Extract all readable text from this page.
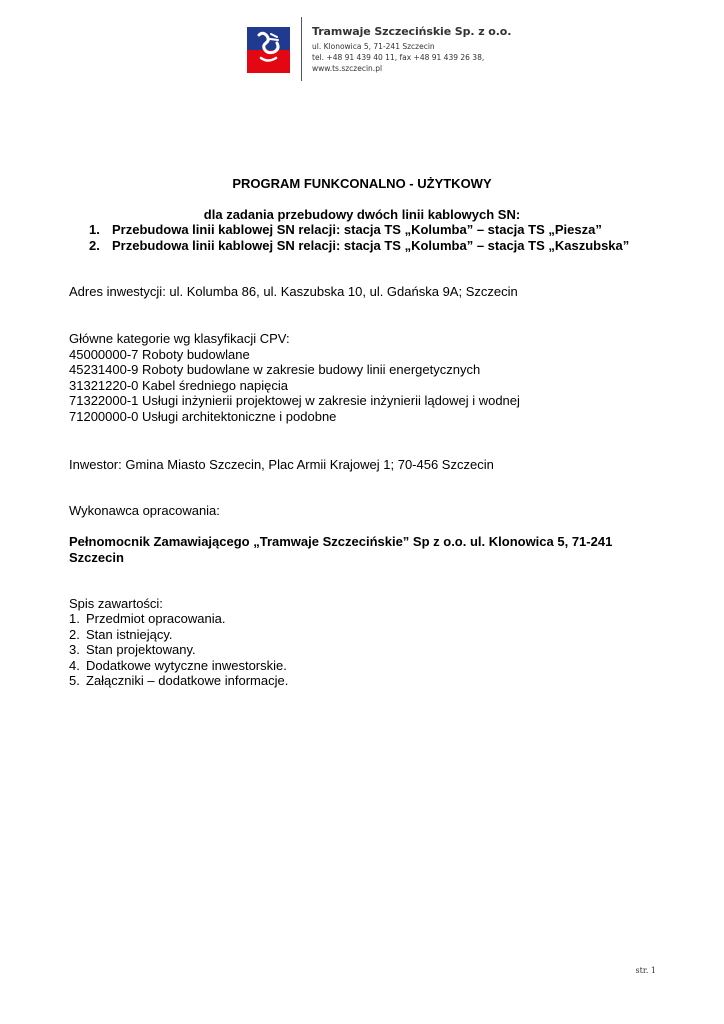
Tramwaje Szczecińskie Sp. z o.o.
ul. Klonowica 5, 71-241 Szczecin
tel. +48 91 439 40 11, fax +48 91 439 26 38,
www.ts.szczecin.pl
PROGRAM FUNKCONALNO - UŻYTKOWY
dla zadania przebudowy dwóch linii kablowych SN:
1. Przebudowa linii kablowej SN relacji: stacja TS „Kolumba” – stacja TS „Piesza”
2. Przebudowa linii kablowej SN relacji: stacja TS „Kolumba” – stacja TS „Kaszubska”
Adres inwestycji: ul. Kolumba 86, ul. Kaszubska 10, ul. Gdańska 9A; Szczecin
Główne kategorie wg klasyfikacji CPV:
45000000-7 Roboty budowlane
45231400-9 Roboty budowlane w zakresie budowy linii energetycznych
31321220-0 Kabel średniego napięcia
71322000-1 Usługi inżynierii projektowej w zakresie inżynierii lądowej i wodnej
71200000-0 Usługi architektoniczne i podobne
Inwestor: Gmina Miasto Szczecin, Plac Armii Krajowej 1; 70-456 Szczecin
Wykonawca opracowania:
Pełnomocnik Zamawiającego „Tramwaje Szczecińskie” Sp z o.o. ul. Klonowica 5, 71-241 Szczecin
Spis zawartości:
1. Przedmiot opracowania.
2. Stan istniejący.
3. Stan projektowany.
4. Dodatkowe wytyczne inwestorskie.
5. Załączniki – dodatkowe informacje.
str. 1
